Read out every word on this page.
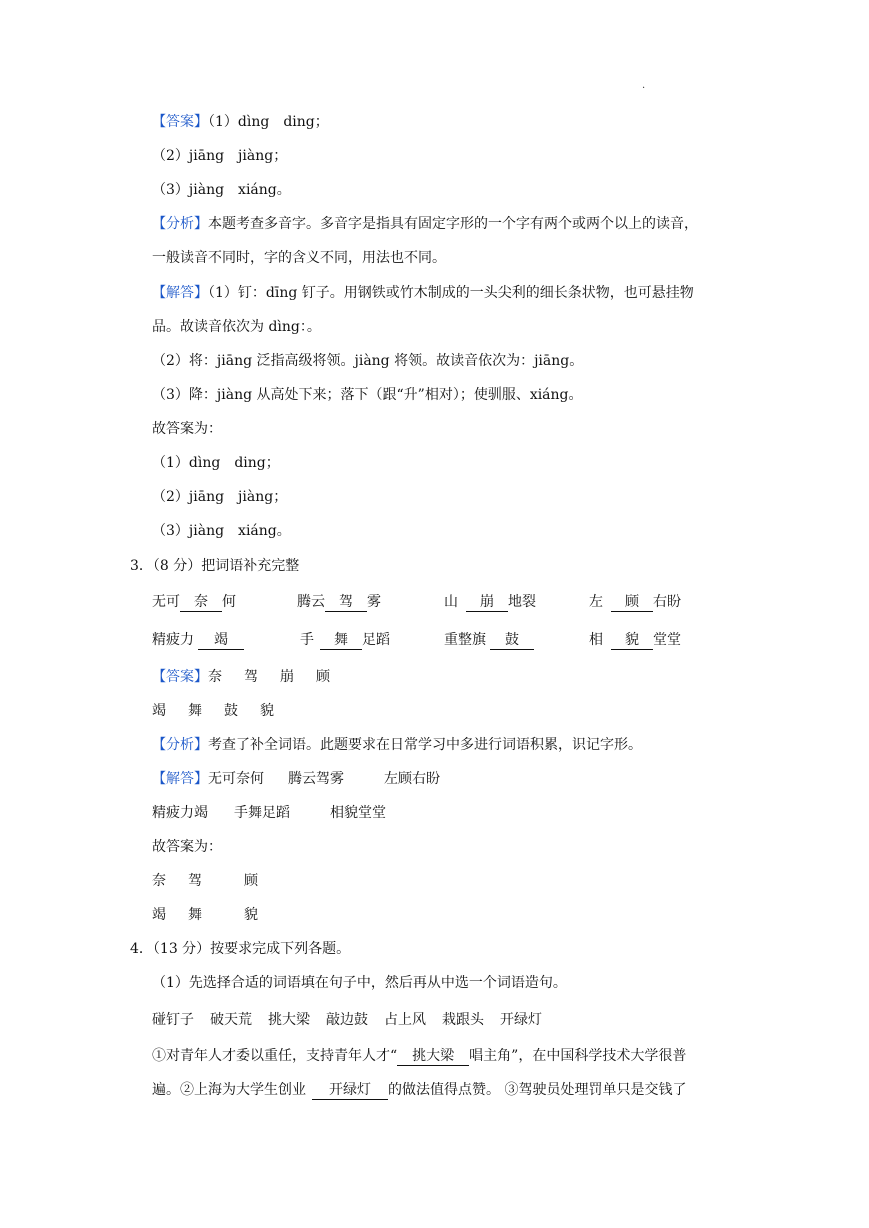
.
【答案】（1）dìng　ding；
（2）jiāng　jiàng；
（3）jiàng　xiáng。
【分析】本题考查多音字。多音字是指具有固定字形的一个字有两个或两个以上的读音，
一般读音不同时，字的含义不同，用法也不同。
【解答】（1）钉：dīng 钉子。用钢铁或竹木制成的一头尖利的细长条状物，也可悬挂物
品。故读音依次为 dìng：。
（2）将：jiāng 泛指高级将领。jiàng 将领。故读音依次为：jiāng。
（3）降：jiàng 从高处下来；落下（跟“升”相对）；使驯服、xiáng。
故答案为：
（1）dìng　ding；
（2）jiāng　jiàng；
（3）jiàng　xiáng。
3．（8 分）把词语补充完整
无可 奈 何	腾云 驾 雾	山 崩 地裂	左 顾 右盼
精疲力 竭	手 舞 足蹈	重整旗 鼓	相 貌 堂堂
【答案】奈 驾 崩 顾
竭 舞 鼓 貌
【分析】考查了补全词语。此题要求在日常学习中多进行词语积累，识记字形。
【解答】无可奈何 腾云驾雾	左顾右盼
精疲力竭 手舞足蹈	相貌堂堂
故答案为：
奈 驾	顾
竭 舞	貌
4．（13 分）按要求完成下列各题。
（1）先选择合适的词语填在句子中，然后再从中选一个词语造句。
碰钉子 破天荒 挑大梁 敲边鼓 占上风 栽跟头 开绿灯
①对青年人才委以重任，支持青年人才“ 挑大梁 唱主角”，在中国科学技术大学很普
遍。②上海为大学生创业 开绿灯 的做法值得点赞。 ③驾驶员处理罚单只是交钱了
